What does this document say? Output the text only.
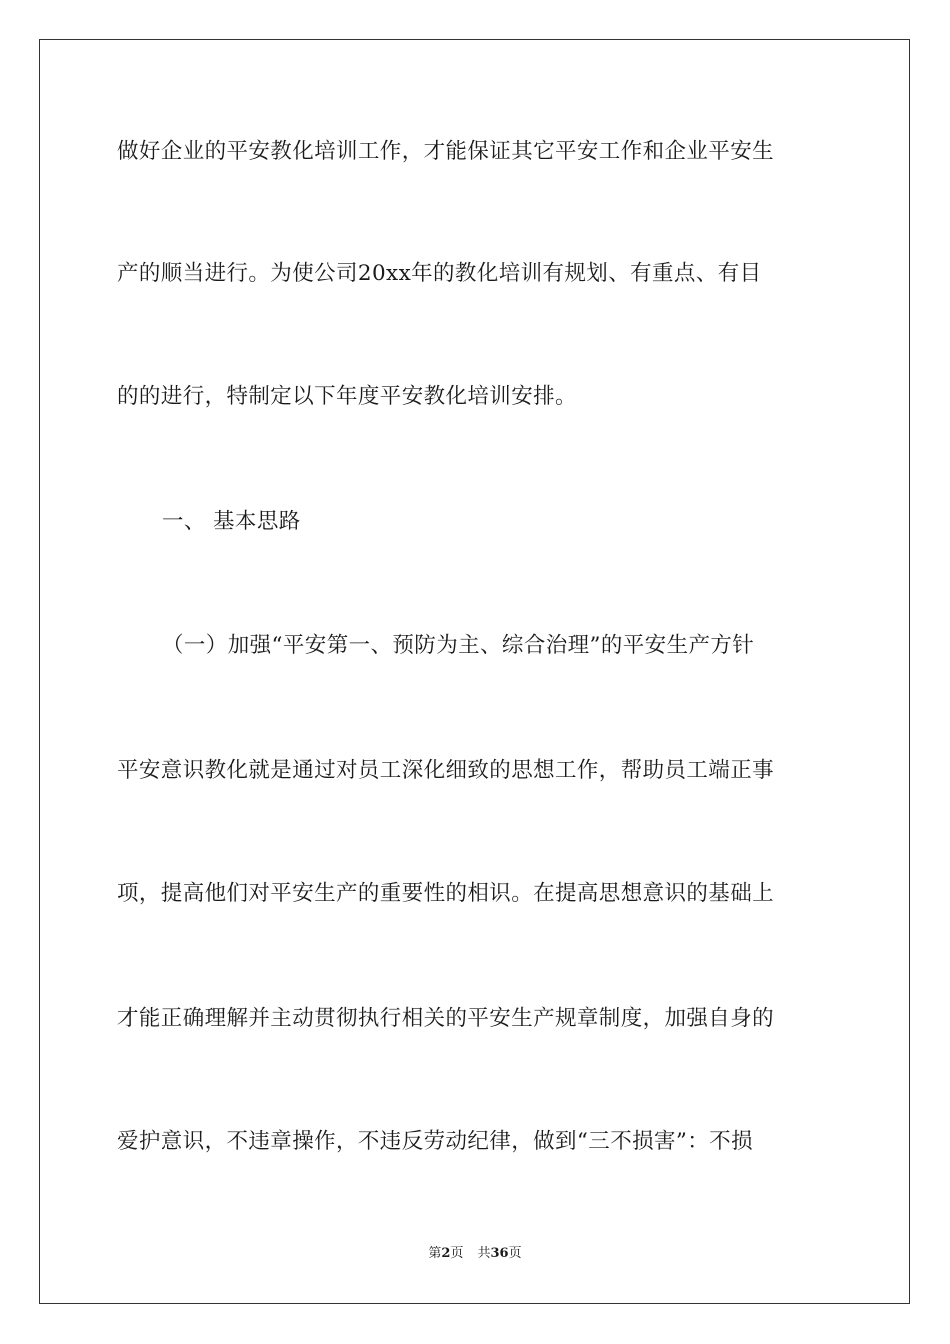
做好企业的平安教化培训工作，才能保证其它平安工作和企业平安生
产的顺当进行。为使公司20xx年的教化培训有规划、有重点、有目
的的进行，特制定以下年度平安教化培训安排。
一、 基本思路
（一）加强“平安第一、预防为主、综合治理”的平安生产方针
平安意识教化就是通过对员工深化细致的思想工作，帮助员工端正事
项，提高他们对平安生产的重要性的相识。在提高思想意识的基础上
才能正确理解并主动贯彻执行相关的平安生产规章制度，加强自身的
爱护意识，不违章操作，不违反劳动纪律，做到“三不损害”：不损
第2页 共36页
